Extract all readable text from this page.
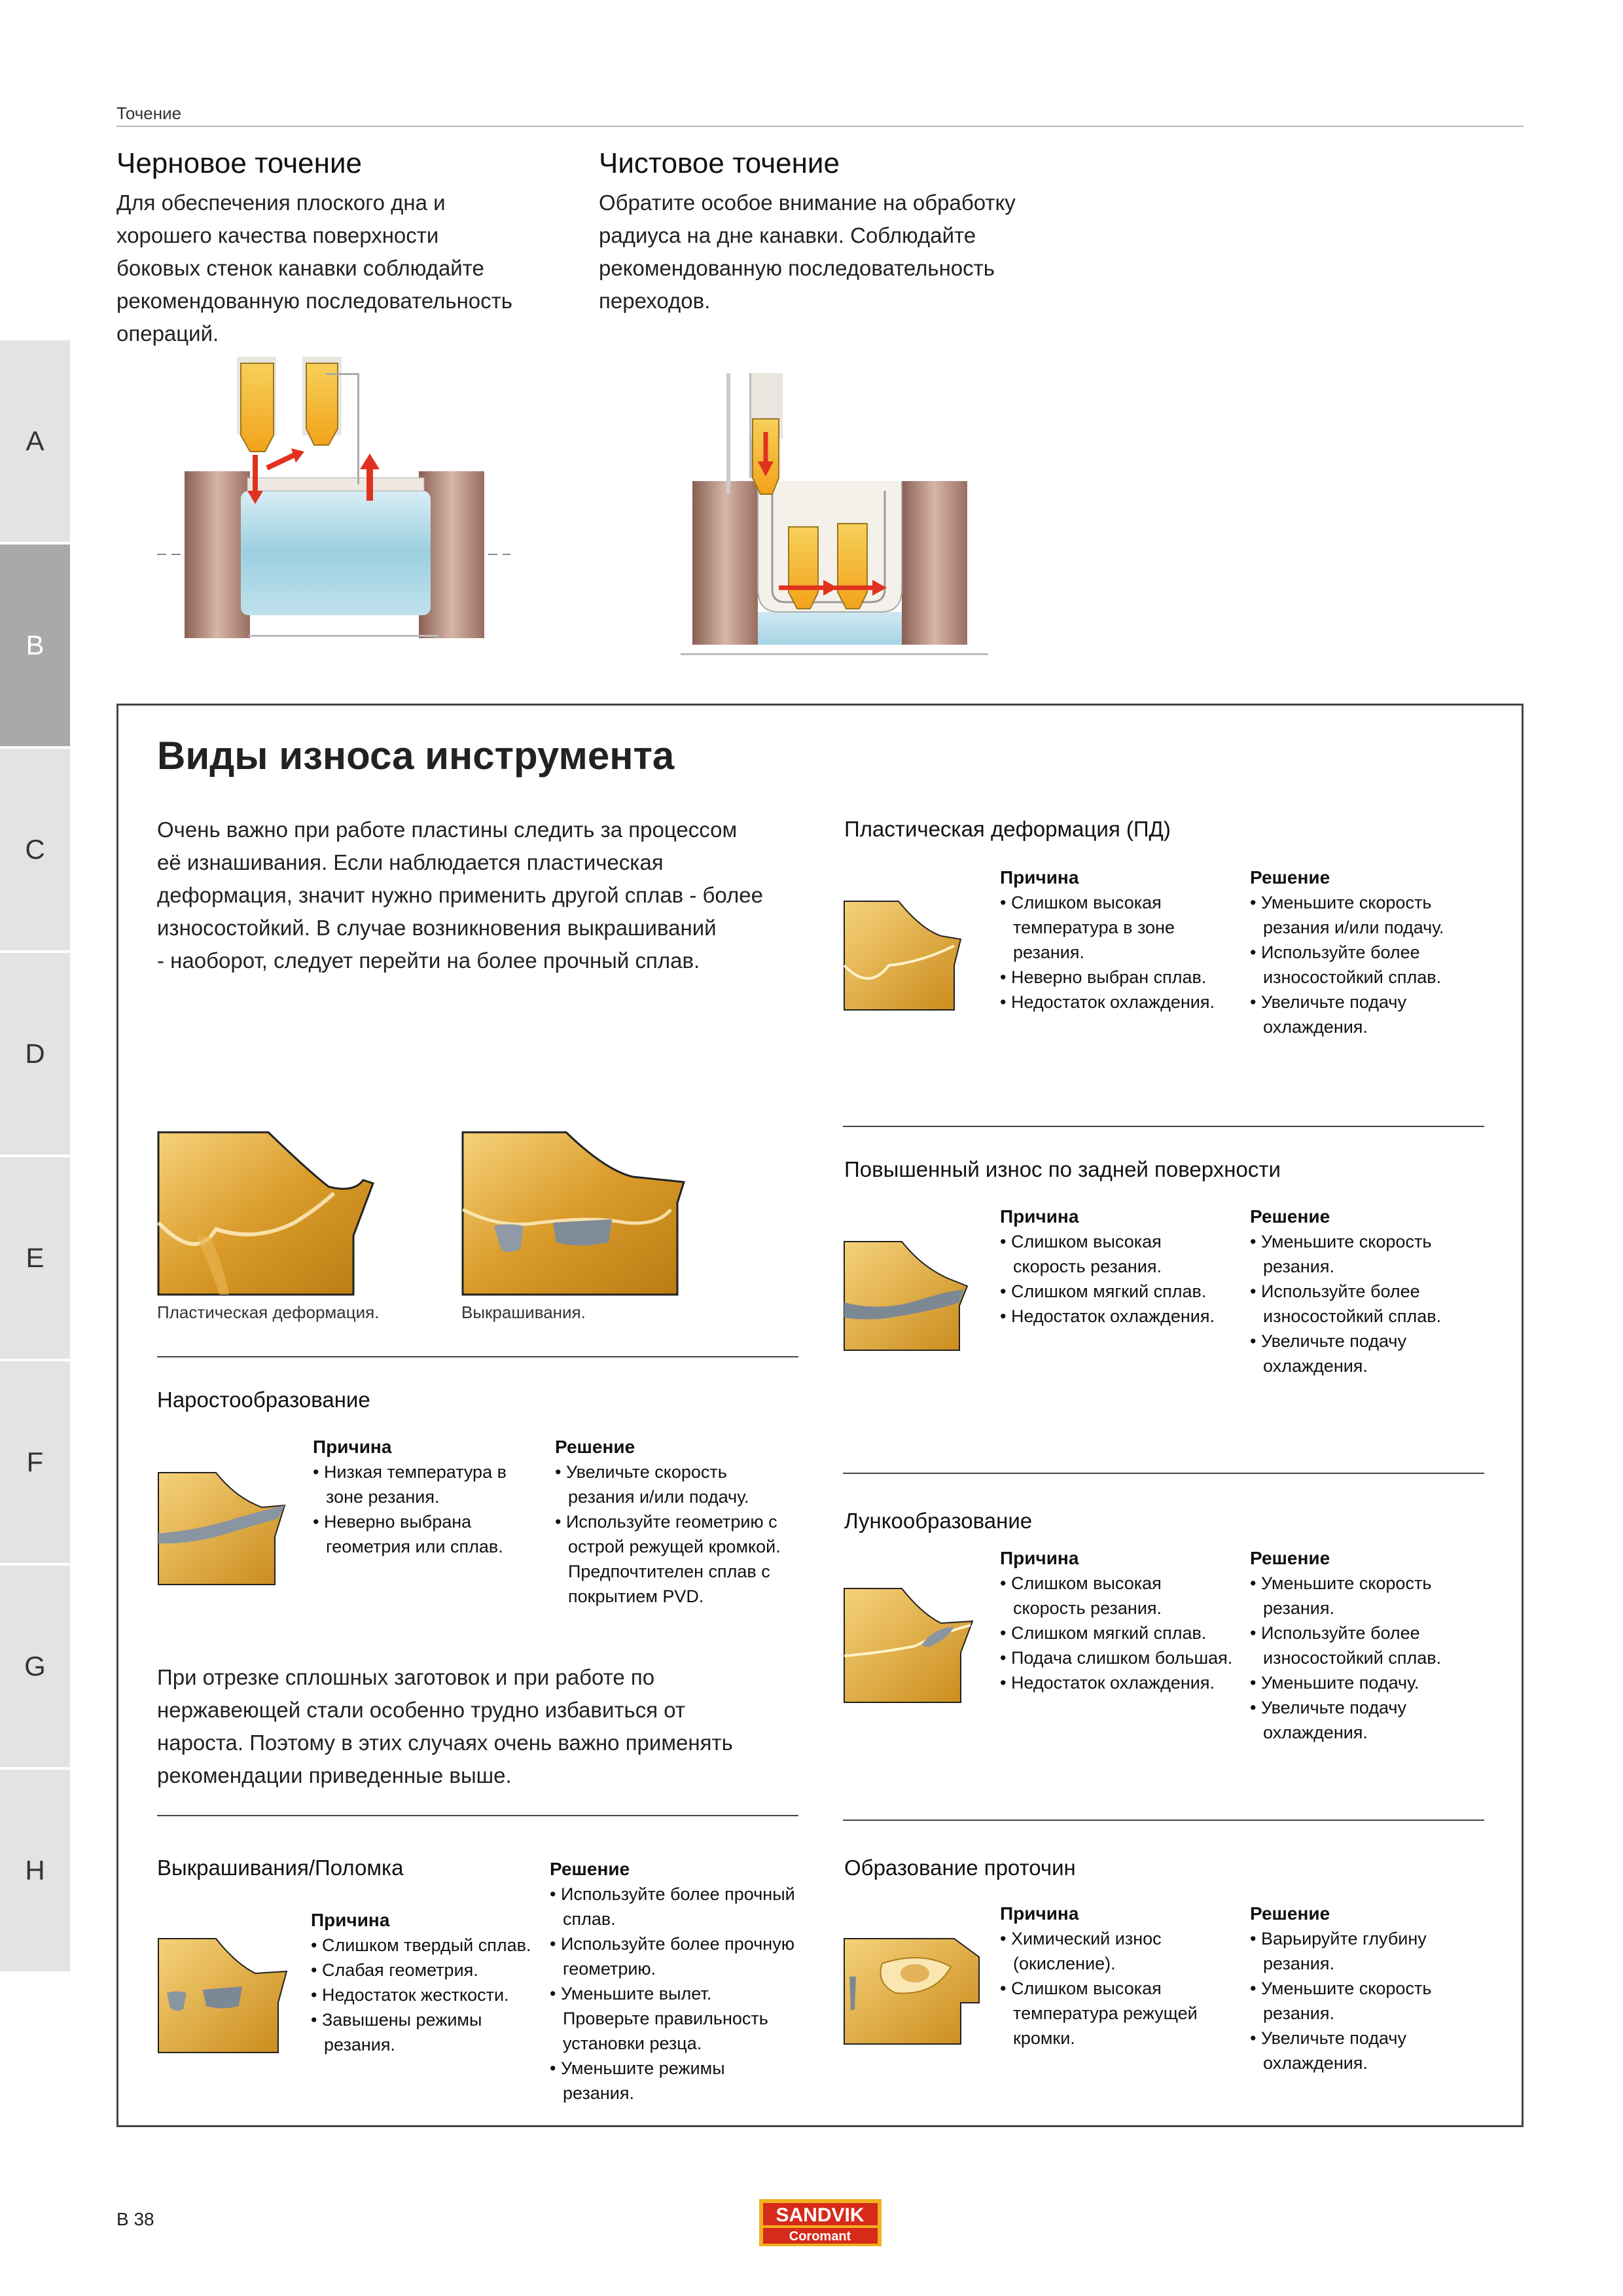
Точение
Черновое точение
Для обеспечения плоского дна и
хорошего качества поверхности
боковых стенок канавки соблюдайте
рекомендованную последовательность
операций.
Чистовое точение
Обратите особое внимание на обработку
радиуса на дне канавки. Соблюдайте
рекомендованную последовательность
переходов.
A
B
C
D
E
F
G
H
Виды износа инструмента
Очень важно при работе пластины следить за процессом
её изнашивания. Если наблюдается пластическая
деформация, значит нужно применить другой сплав - более
износостойкий. В случае возникновения выкрашиваний
- наоборот, следует перейти на более прочный сплав.
Пластическая деформация.	Выкрашивания.
Пластическая деформация (ПД)
Причина
• Слишком высокая температура в зоне резания.
• Неверно выбран сплав.
• Недостаток охлаждения.
Решение
• Уменьшите скорость резания и/или подачу.
• Используйте более износостойкий сплав.
• Увеличьте подачу охлаждения.
Повышенный износ по задней поверхности
Причина
• Слишком высокая скорость резания.
• Слишком мягкий сплав.
• Недостаток охлаждения.
Решение
• Уменьшите скорость резания.
• Используйте более износостойкий сплав.
• Увеличьте подачу охлаждения.
Наростообразование
Причина
• Низкая температура в зоне резания.
• Неверно выбрана геометрия или сплав.
Решение
• Увеличьте скорость резания и/или подачу.
• Используйте геометрию с острой режущей кромкой. Предпочтителен сплав с покрытием PVD.
При отрезке сплошных заготовок и при работе по
нержавеющей стали особенно трудно избавиться от
нароста. Поэтому в этих случаях очень важно применять
рекомендации приведенные выше.
Лункообразование
Причина
• Слишком высокая скорость резания.
• Слишком мягкий сплав.
• Подача слишком большая.
• Недостаток охлаждения.
Решение
• Уменьшите скорость резания.
• Используйте более износостойкий сплав.
• Уменьшите подачу.
• Увеличьте подачу охлаждения.
Выкрашивания/Поломка
Причина
• Слишком твердый сплав.
• Слабая геометрия.
• Недостаток жесткости.
• Завышены режимы резания.
Решение
• Используйте более прочный сплав.
• Используйте более прочную геометрию.
• Уменьшите вылет. Проверьте правильность установки резца.
• Уменьшите режимы резания.
Образование проточин
Причина
• Химический износ (окисление).
• Слишком высокая температура режущей кромки.
Решение
• Варьируйте глубину резания.
• Уменьшите скорость резания.
• Увеличьте подачу охлаждения.
B 38	SANDVIK
Coromant
